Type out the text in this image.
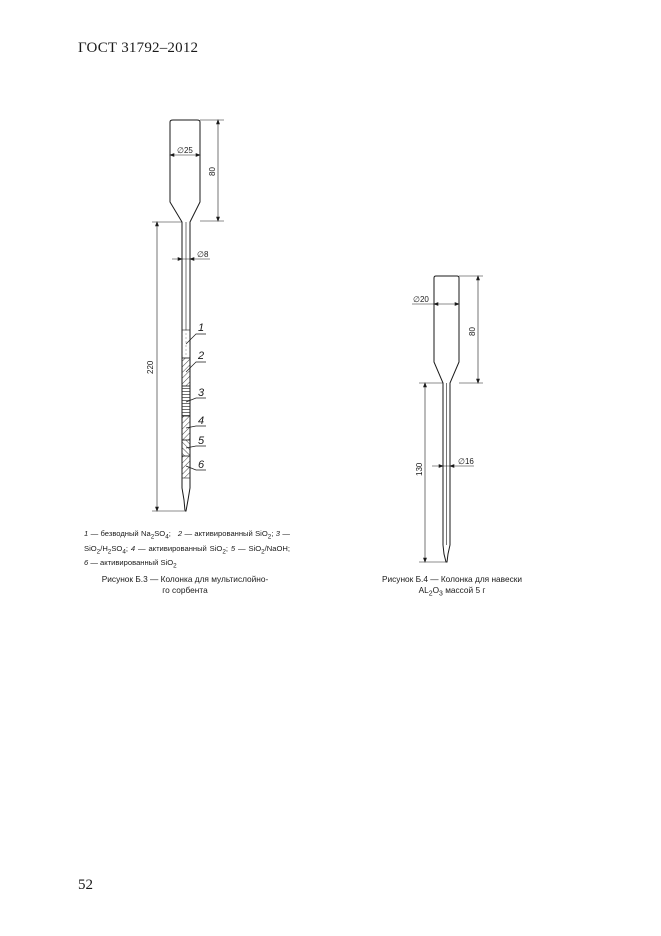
ГОСТ 31792–2012
1
2
3
4
5
6
∅25
80
∅8
220
∅20
80
∅16
130
1 — безводный $Na_2SO_4$; 2 — активированный SiO$_2$; 3 — $SiO_2/H_2SO_4$; 4 — активированный SiO$_2$; 5 — SiO$_2$/NaOH; 6 — активированный SiO$_2$
Рисунок Б.3 — Колонка для мультислойно-
го сорбента
Рисунок Б.4 — Колонка для навески
$AL_2O_3$ массой 5 г
52
